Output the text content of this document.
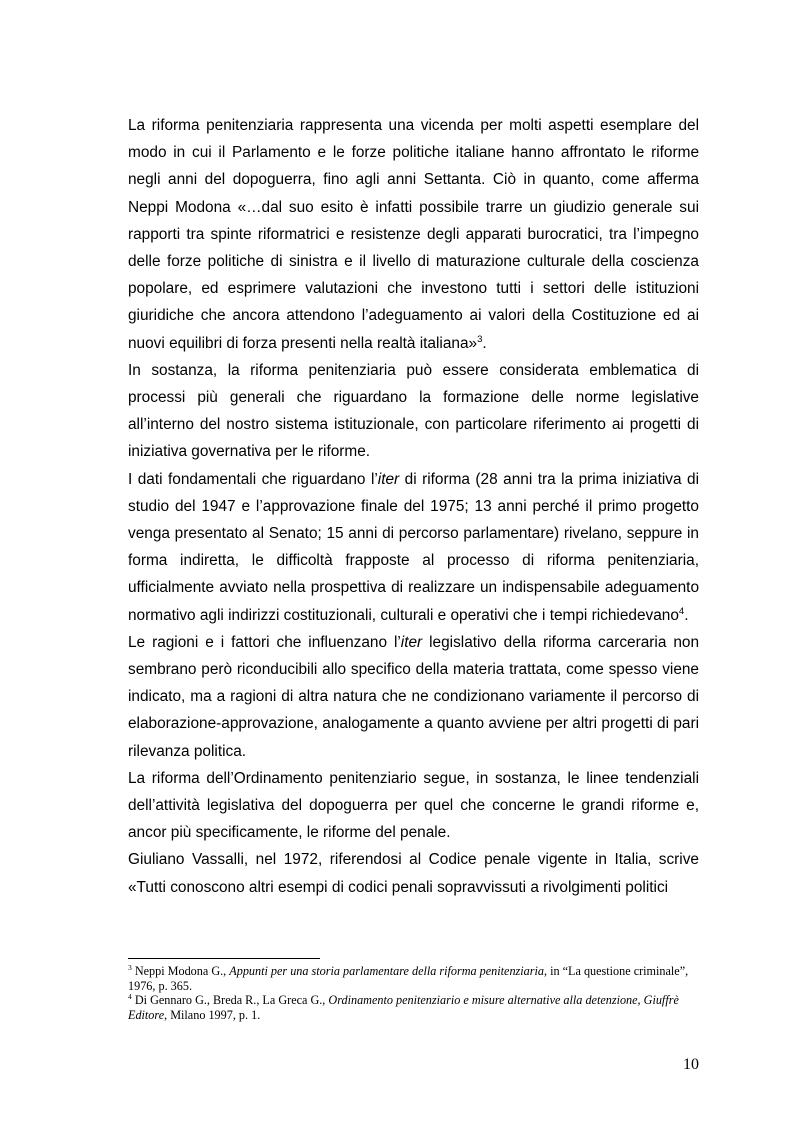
La riforma penitenziaria rappresenta una vicenda per molti aspetti esemplare del modo in cui il Parlamento e le forze politiche italiane hanno affrontato le riforme negli anni del dopoguerra, fino agli anni Settanta. Ciò in quanto, come afferma Neppi Modona «…dal suo esito è infatti possibile trarre un giudizio generale sui rapporti tra spinte riformatrici e resistenze degli apparati burocratici, tra l’impegno delle forze politiche di sinistra e il livello di maturazione culturale della coscienza popolare, ed esprimere valutazioni che investono tutti i settori delle istituzioni giuridiche che ancora attendono l’adeguamento ai valori della Costituzione ed ai nuovi equilibri di forza presenti nella realtà italiana»$^3$.

In sostanza, la riforma penitenziaria può essere considerata emblematica di processi più generali che riguardano la formazione delle norme legislative all’interno del nostro sistema istituzionale, con particolare riferimento ai progetti di iniziativa governativa per le riforme.

I dati fondamentali che riguardano l’iter di riforma (28 anni tra la prima iniziativa di studio del 1947 e l’approvazione finale del 1975; 13 anni perché il primo progetto venga presentato al Senato; 15 anni di percorso parlamentare) rivelano, seppure in forma indiretta, le difficoltà frapposte al processo di riforma penitenziaria, ufficialmente avviato nella prospettiva di realizzare un indispensabile adeguamento normativo agli indirizzi costituzionali, culturali e operativi che i tempi richiedevano$^4$.

Le ragioni e i fattori che influenzano l’iter legislativo della riforma carceraria non sembrano però riconducibili allo specifico della materia trattata, come spesso viene indicato, ma a ragioni di altra natura che ne condizionano variamente il percorso di elaborazione-approvazione, analogamente a quanto avviene per altri progetti di pari rilevanza politica.

La riforma dell’Ordinamento penitenziario segue, in sostanza, le linee tendenziali dell’attività legislativa del dopoguerra per quel che concerne le grandi riforme e, ancor più specificamente, le riforme del penale.

Giuliano Vassalli, nel 1972, riferendosi al Codice penale vigente in Italia, scrive «Tutti conoscono altri esempi di codici penali sopravvissuti a rivolgimenti politici

$^3$ Neppi Modona G., Appunti per una storia parlamentare della riforma penitenziaria, in “La questione criminale”, 1976, p. 365.

$^4$ Di Gennaro G., Breda R., La Greca G., Ordinamento penitenziario e misure alternative alla detenzione, Giuffrè Editore, Milano 1997, p. 1.

10
